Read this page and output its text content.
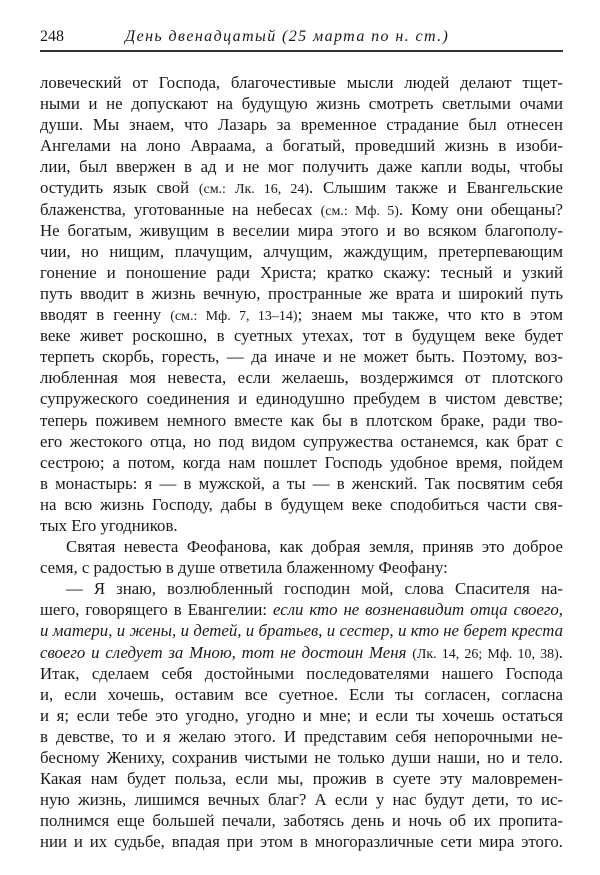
248	День двенадцатый (25 марта по н. ст.)
ловеческий от Господа, благочестивые мысли людей делают тщет-
ными и не допускают на будущую жизнь смотреть светлыми очами
души. Мы знаем, что Лазарь за временное страдание был отнесен
Ангелами на лоно Авраама, а богатый, проведший жизнь в изоби-
лии, был ввержен в ад и не мог получить даже капли воды, чтобы
остудить язык свой (см.: Лк. 16, 24). Слышим также и Евангельские
блаженства, уготованные на небесах (см.: Мф. 5). Кому они обещаны?
Не богатым, живущим в веселии мира этого и во всяком благополу-
чии, но нищим, плачущим, алчущим, жаждущим, претерпевающим
гонение и поношение ради Христа; кратко скажу: тесный и узкий
путь вводит в жизнь вечную, пространные же врата и широкий путь
вводят в геенну (см.: Мф. 7, 13–14); знаем мы также, что кто в этом
веке живет роскошно, в суетных утехах, тот в будущем веке будет
терпеть скорбь, горесть, — да иначе и не может быть. Поэтому, воз-
любленная моя невеста, если желаешь, воздержимся от плотского
супружеского соединения и единодушно пребудем в чистом девстве;
теперь поживем немного вместе как бы в плотском браке, ради тво-
его жестокого отца, но под видом супружества останемся, как брат с
сестрою; а потом, когда нам пошлет Господь удобное время, пойдем
в монастырь: я — в мужской, а ты — в женский. Так посвятим себя
на всю жизнь Господу, дабы в будущем веке сподобиться части свя-
тых Его угодников.
Святая невеста Феофанова, как добрая земля, приняв это доброе
семя, с радостью в душе ответила блаженному Феофану:
— Я знаю, возлюбленный господин мой, слова Спасителя на-
шего, говорящего в Евангелии: если кто не возненавидит отца своего,
и матери, и жены, и детей, и братьев, и сестер, и кто не берет креста
своего и следует за Мною, тот не достоин Меня (Лк. 14, 26; Мф. 10, 38).
Итак, сделаем себя достойными последователями нашего Господа
и, если хочешь, оставим все суетное. Если ты согласен, согласна
и я; если тебе это угодно, угодно и мне; и если ты хочешь остаться
в девстве, то и я желаю этого. И представим себя непорочными не-
бесному Жениху, сохранив чистыми не только души наши, но и тело.
Какая нам будет польза, если мы, прожив в суете эту маловремен-
ную жизнь, лишимся вечных благ? А если у нас будут дети, то ис-
полнимся еще большей печали, заботясь день и ночь об их пропита-
нии и их судьбе, впадая при этом в многоразличные сети мира этого.
